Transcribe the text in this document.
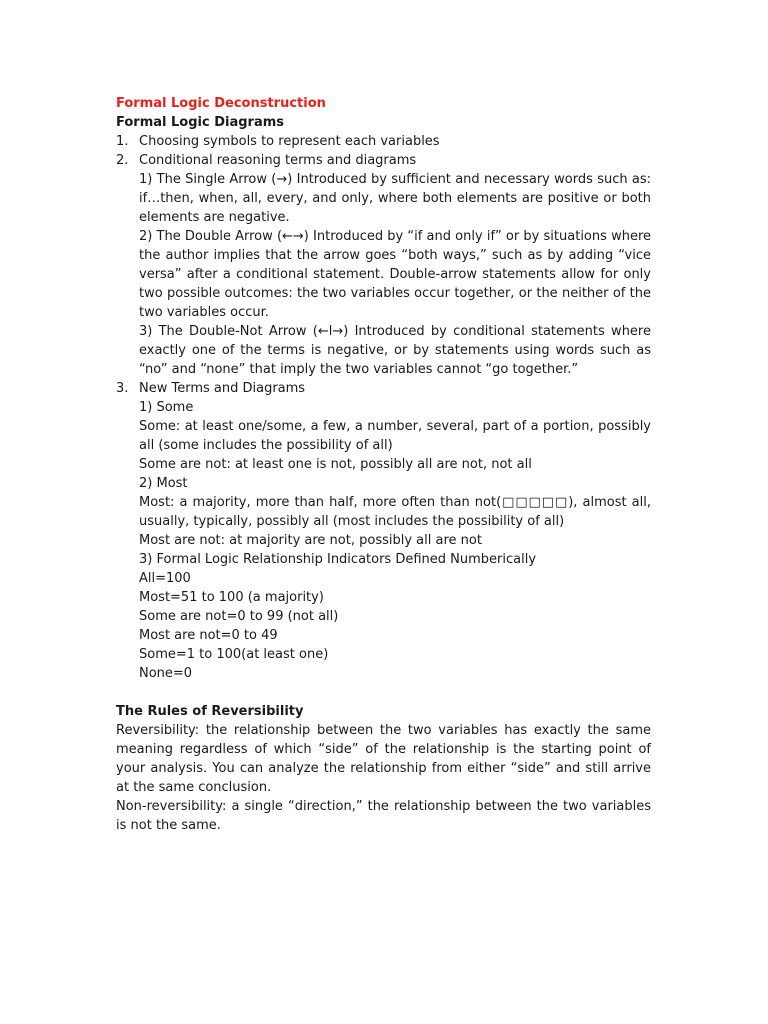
Formal Logic Deconstruction

Formal Logic Diagrams

1. Choosing symbols to represent each variables
2. Conditional reasoning terms and diagrams

1) The Single Arrow (→) Introduced by sufficient and necessary words such as: if…then, when, all, every, and only, where both elements are positive or both elements are negative.

2) The Double Arrow (←→) Introduced by “if and only if” or by situations where the author implies that the arrow goes “both ways,” such as by adding “vice versa” after a conditional statement. Double-arrow statements allow for only two possible outcomes: the two variables occur together, or the neither of the two variables occur.

3) The Double-Not Arrow (←l→) Introduced by conditional statements where exactly one of the terms is negative, or by statements using words such as “no” and “none” that imply the two variables cannot “go together.”

3. New Terms and Diagrams

1) Some

Some: at least one/some, a few, a number, several, part of a portion, possibly all (some includes the possibility of all)

Some are not: at least one is not, possibly all are not, not all

2) Most

Most: a majority, more than half, more often than not(□□□□□), almost all, usually, typically, possibly all (most includes the possibility of all)

Most are not: at majority are not, possibly all are not

3) Formal Logic Relationship Indicators Defined Numberically

All=100

Most=51 to 100 (a majority)

Some are not=0 to 99 (not all)

Most are not=0 to 49

Some=1 to 100(at least one)

None=0

The Rules of Reversibility

Reversibility: the relationship between the two variables has exactly the same meaning regardless of which “side” of the relationship is the starting point of your analysis. You can analyze the relationship from either “side” and still arrive at the same conclusion.

Non-reversibility: a single “direction,” the relationship between the two variables is not the same.
